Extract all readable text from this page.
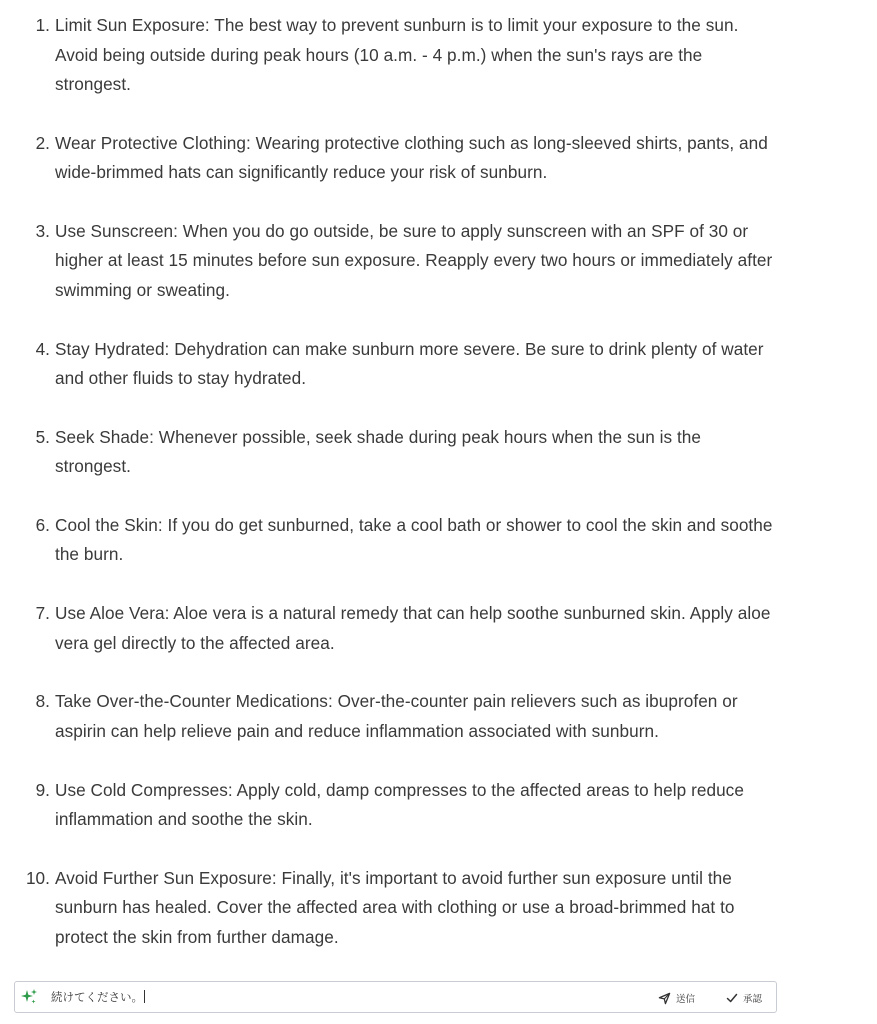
1. Limit Sun Exposure: The best way to prevent sunburn is to limit your exposure to the sun. Avoid being outside during peak hours (10 a.m. - 4 p.m.) when the sun's rays are the strongest.
2. Wear Protective Clothing: Wearing protective clothing such as long-sleeved shirts, pants, and wide-brimmed hats can significantly reduce your risk of sunburn.
3. Use Sunscreen: When you do go outside, be sure to apply sunscreen with an SPF of 30 or higher at least 15 minutes before sun exposure. Reapply every two hours or immediately after swimming or sweating.
4. Stay Hydrated: Dehydration can make sunburn more severe. Be sure to drink plenty of water and other fluids to stay hydrated.
5. Seek Shade: Whenever possible, seek shade during peak hours when the sun is the strongest.
6. Cool the Skin: If you do get sunburned, take a cool bath or shower to cool the skin and soothe the burn.
7. Use Aloe Vera: Aloe vera is a natural remedy that can help soothe sunburned skin. Apply aloe vera gel directly to the affected area.
8. Take Over-the-Counter Medications: Over-the-counter pain relievers such as ibuprofen or aspirin can help relieve pain and reduce inflammation associated with sunburn.
9. Use Cold Compresses: Apply cold, damp compresses to the affected areas to help reduce inflammation and soothe the skin.
10. Avoid Further Sun Exposure: Finally, it's important to avoid further sun exposure until the sunburn has healed. Cover the affected area with clothing or use a broad-brimmed hat to protect the skin from further damage.
続けてください。	送信	承認
